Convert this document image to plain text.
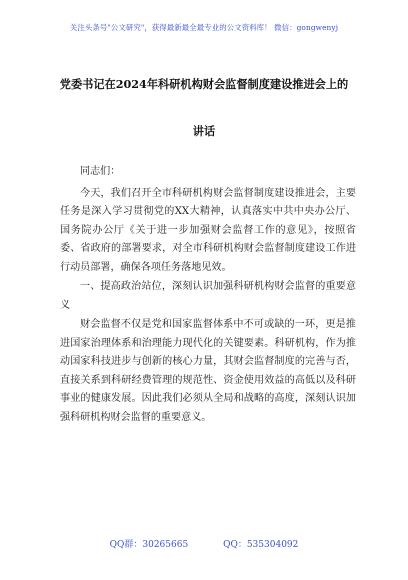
关注头条号"公文研究"，获得最新最全最专业的公文资料库！ 微信：gongwenyj
党委书记在2024年科研机构财会监督制度建设推进会上的
讲话

同志们：

今天，我们召开全市科研机构财会监督制度建设推进会，主要任务是深入学习贯彻党的XX大精神，认真落实中共中央办公厅、国务院办公厅《关于进一步加强财会监督工作的意见》，按照省委、省政府的部署要求，对全市科研机构财会监督制度建设工作进行动员部署，确保各项任务落地见效。

一、提高政治站位，深刻认识加强科研机构财会监督的重要意义

财会监督不仅是党和国家监督体系中不可或缺的一环，更是推进国家治理体系和治理能力现代化的关键要素。科研机构，作为推动国家科技进步与创新的核心力量，其财会监督制度的完善与否，直接关系到科研经费管理的规范性、资金使用效益的高低以及科研事业的健康发展。因此我们必须从全局和战略的高度，深刻认识加强科研机构财会监督的重要意义。

QQ群：30265665	QQ：535304092
